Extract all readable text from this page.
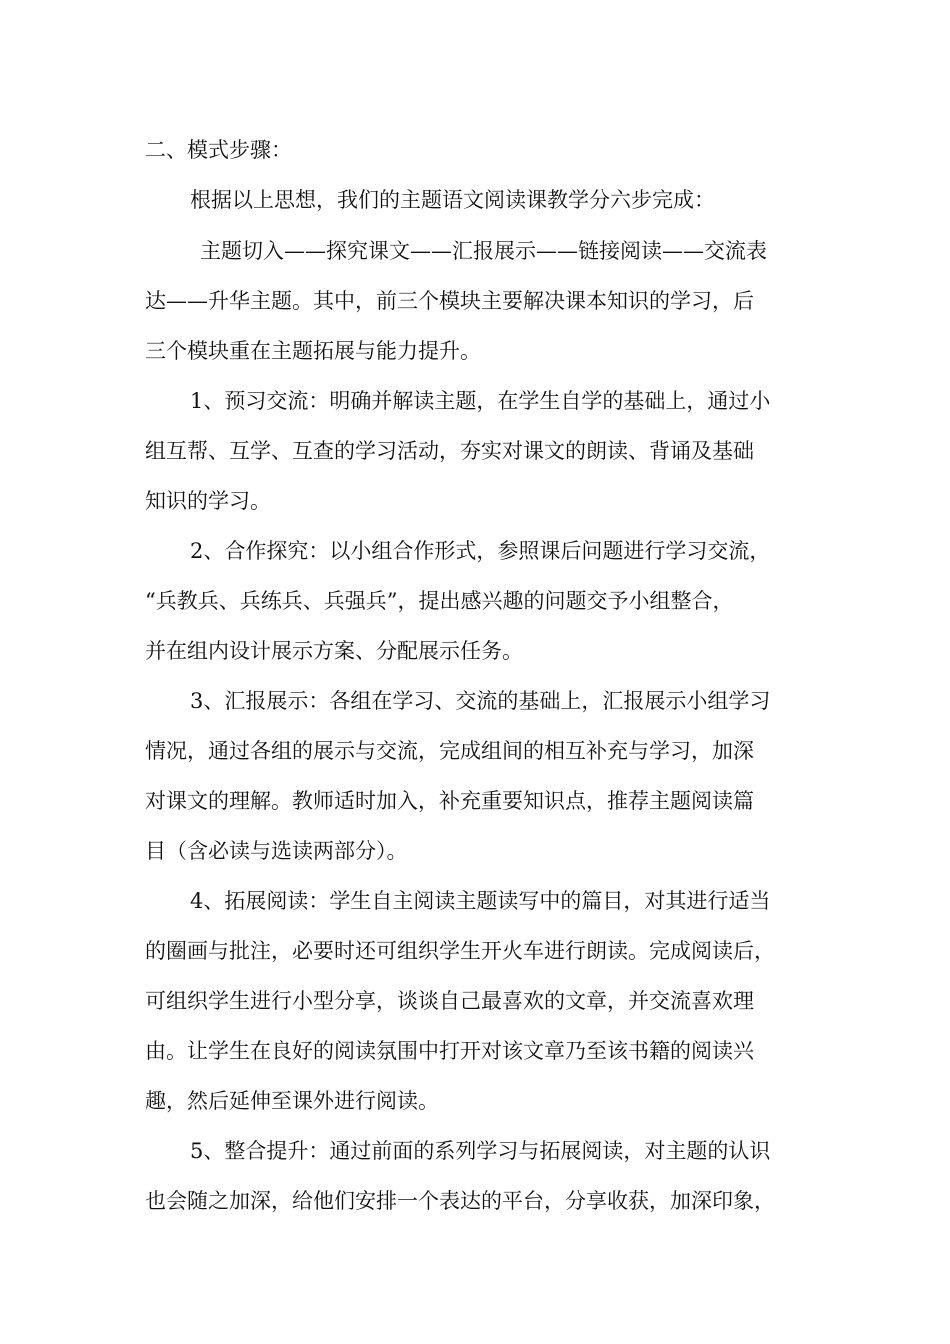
二、模式步骤：
根据以上思想，我们的主题语文阅读课教学分六步完成：
主题切入——探究课文——汇报展示——链接阅读——交流表
达——升华主题。其中，前三个模块主要解决课本知识的学习，后
三个模块重在主题拓展与能力提升。
1、预习交流：明确并解读主题，在学生自学的基础上，通过小
组互帮、互学、互查的学习活动，夯实对课文的朗读、背诵及基础
知识的学习。
2、合作探究：以小组合作形式，参照课后问题进行学习交流，
“兵教兵、兵练兵、兵强兵”，提出感兴趣的问题交予小组整合，
并在组内设计展示方案、分配展示任务。
3、汇报展示：各组在学习、交流的基础上，汇报展示小组学习
情况，通过各组的展示与交流，完成组间的相互补充与学习，加深
对课文的理解。教师适时加入，补充重要知识点，推荐主题阅读篇
目（含必读与选读两部分）。
4、拓展阅读：学生自主阅读主题读写中的篇目，对其进行适当
的圈画与批注，必要时还可组织学生开火车进行朗读。完成阅读后，
可组织学生进行小型分享，谈谈自己最喜欢的文章，并交流喜欢理
由。让学生在良好的阅读氛围中打开对该文章乃至该书籍的阅读兴
趣，然后延伸至课外进行阅读。
5、整合提升：通过前面的系列学习与拓展阅读，对主题的认识
也会随之加深，给他们安排一个表达的平台，分享收获，加深印象，
